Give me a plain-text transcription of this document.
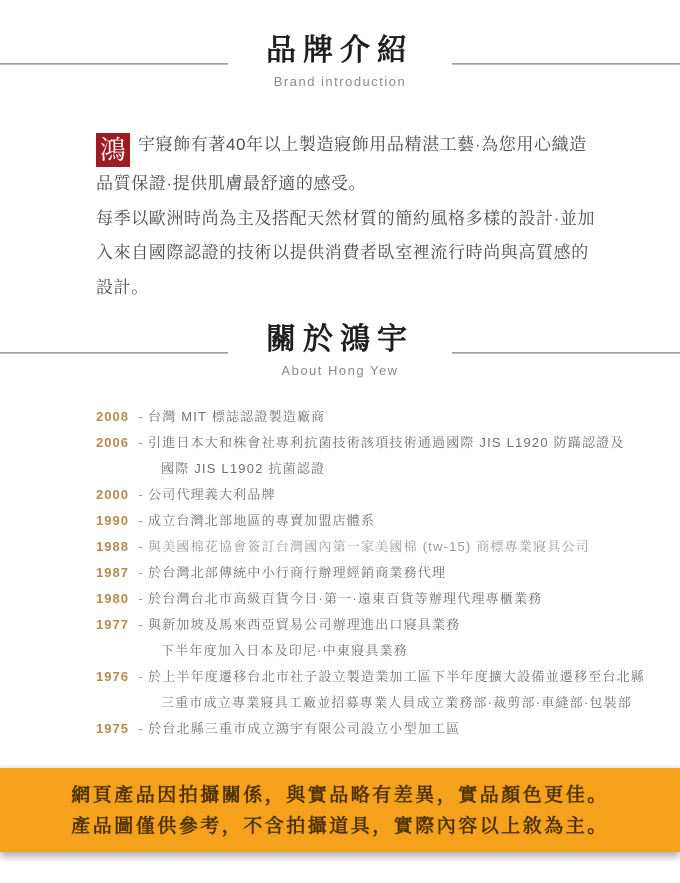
品牌介紹

Brand introduction

鴻 宇寢飾有著40年以上製造寢飾用品精湛工藝·為您用心織造品質保證·提供肌膚最舒適的感受。

每季以歐洲時尚為主及搭配天然材質的簡約風格多樣的設計·並加入來自國際認證的技術以提供消費者臥室裡流行時尚與高質感的設計。

關於鴻宇

About Hong Yew

2008 - 台灣 MIT 標誌認證製造廠商
2006 - 引進日本大和株會社專利抗菌技術該項技術通過國際 JIS L1920 防蹣認證及
國際 JIS L1902 抗菌認證
2000 - 公司代理義大利品牌
1990 - 成立台灣北部地區的專賣加盟店體系
1988 - 與美國棉花協會簽訂台灣國內第一家美國棉 (tw-15) 商標專業寢具公司
1987 - 於台灣北部傳統中小行商行辦理經銷商業務代理
1980 - 於台灣台北市高級百貨今日·第一·遠東百貨等辦理代理專櫃業務
1977 - 與新加坡及馬來西亞貿易公司辦理進出口寢具業務
下半年度加入日本及印尼·中東寢具業務
1976 - 於上半年度遷移台北市社子設立製造業加工區下半年度擴大設備並遷移至台北縣
三重市成立專業寢具工廠並招募專業人員成立業務部·裁剪部·車縫部·包裝部
1975 - 於台北縣三重市成立鴻宇有限公司設立小型加工區
網頁產品因拍攝關係，與實品略有差異，實品顏色更佳。
產品圖僅供參考，不含拍攝道具，實際內容以上敘為主。
